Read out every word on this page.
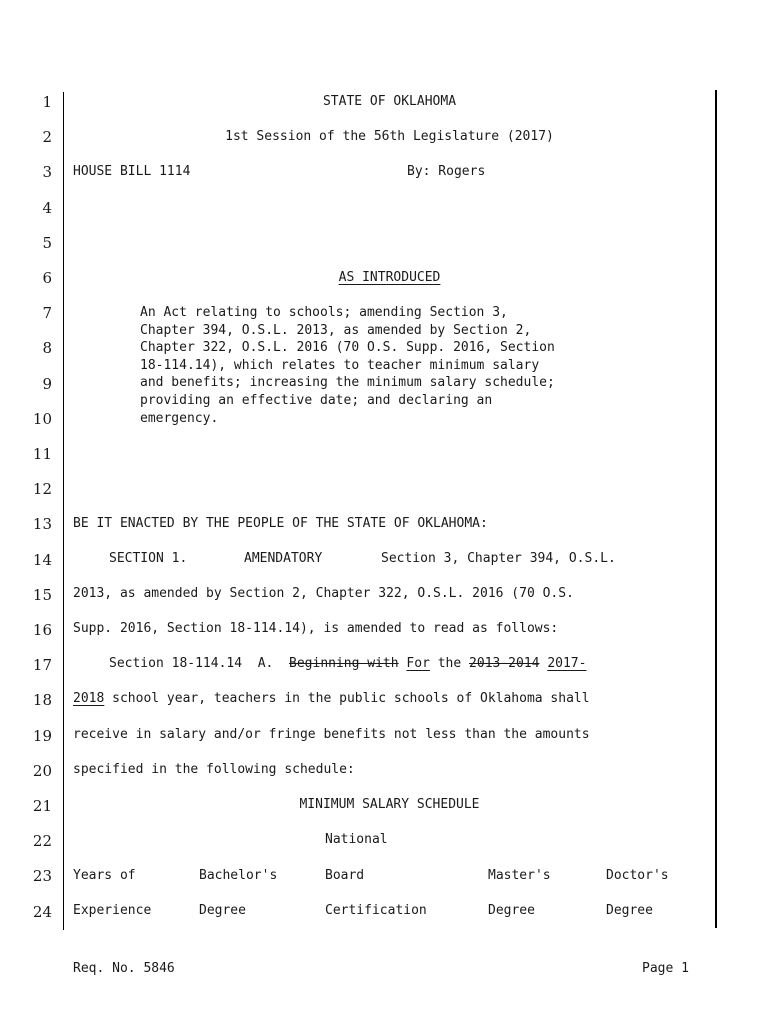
1
2
3
4
5
6
7
8
9
10
11
12
13
14
15
16
17
18
19
20
21
22
23
24
STATE OF OKLAHOMA
1st Session of the 56th Legislature (2017)
HOUSE BILL 1114	By: Rogers
AS INTRODUCED
An Act relating to schools; amending Section 3,
Chapter 394, O.S.L. 2013, as amended by Section 2,
Chapter 322, O.S.L. 2016 (70 O.S. Supp. 2016, Section
18-114.14), which relates to teacher minimum salary
and benefits; increasing the minimum salary schedule;
providing an effective date; and declaring an
emergency.
BE IT ENACTED BY THE PEOPLE OF THE STATE OF OKLAHOMA:
SECTION 1.	AMENDATORY	Section 3, Chapter 394, O.S.L.
2013, as amended by Section 2, Chapter 322, O.S.L. 2016 (70 O.S.
Supp. 2016, Section 18-114.14), is amended to read as follows:
Section 18-114.14  A.  Beginning with For the 2013-2014 2017-
2018 school year, teachers in the public schools of Oklahoma shall
receive in salary and/or fringe benefits not less than the amounts
specified in the following schedule:
MINIMUM SALARY SCHEDULE
National
Years of	Bachelor's	Board	Master's	Doctor's
Experience	Degree	Certification	Degree	Degree
Req. No. 5846	Page 1
